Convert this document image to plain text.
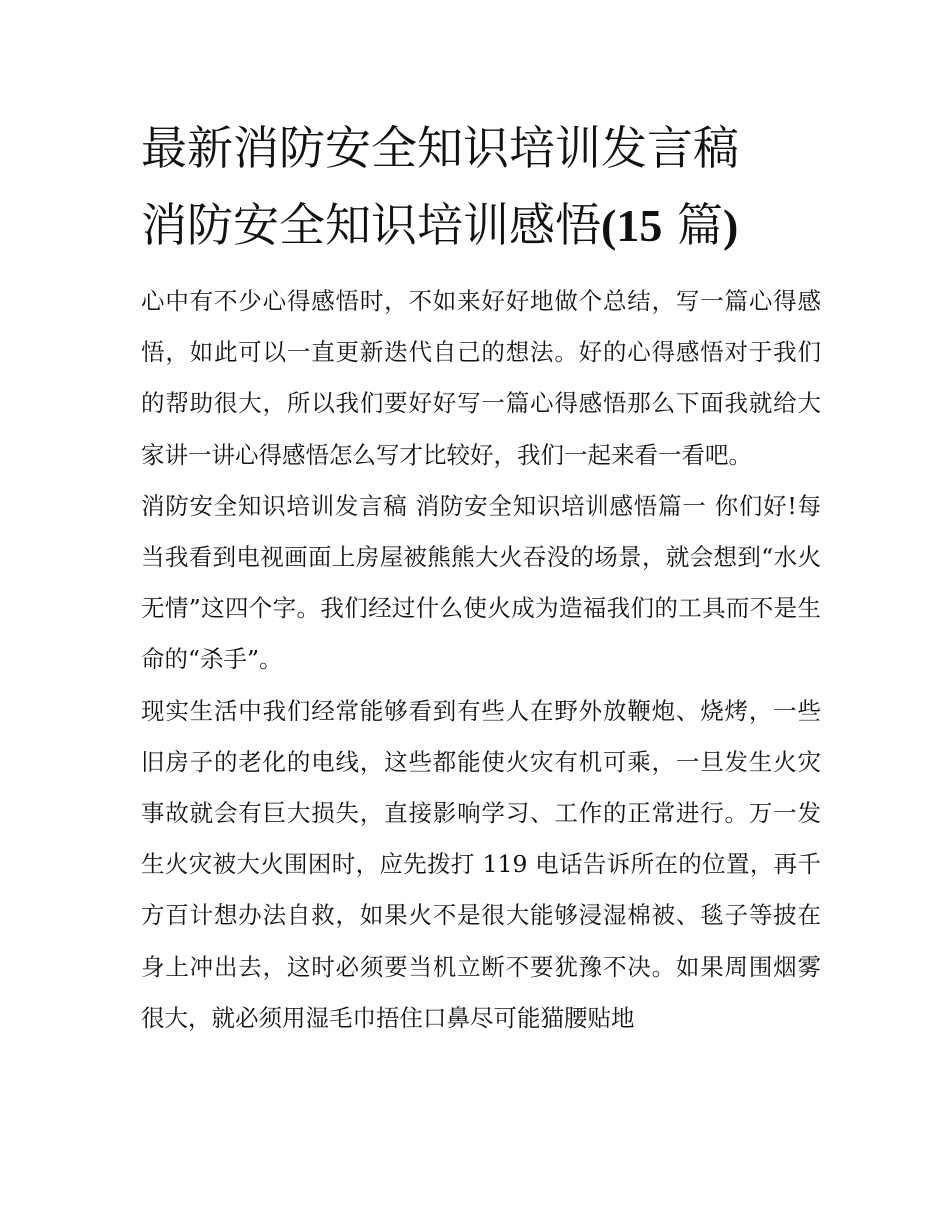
最新消防安全知识培训发言稿
消防安全知识培训感悟(15 篇)

心中有不少心得感悟时，不如来好好地做个总结，写一篇心得感悟，如此可以一直更新迭代自己的想法。好的心得感悟对于我们的帮助很大，所以我们要好好写一篇心得感悟那么下面我就给大家讲一讲心得感悟怎么写才比较好，我们一起来看一看吧。

消防安全知识培训发言稿 消防安全知识培训感悟篇一 你们好!每当我看到电视画面上房屋被熊熊大火吞没的场景，就会想到“水火无情”这四个字。我们经过什么使火成为造福我们的工具而不是生命的“杀手”。

现实生活中我们经常能够看到有些人在野外放鞭炮、烧烤，一些旧房子的老化的电线，这些都能使火灾有机可乘，一旦发生火灾事故就会有巨大损失，直接影响学习、工作的正常进行。万一发生火灾被大火围困时，应先拨打 119 电话告诉所在的位置，再千方百计想办法自救，如果火不是很大能够浸湿棉被、毯子等披在身上冲出去，这时必须要当机立断不要犹豫不决。如果周围烟雾很大，就必须用湿毛巾捂住口鼻尽可能猫腰贴地
